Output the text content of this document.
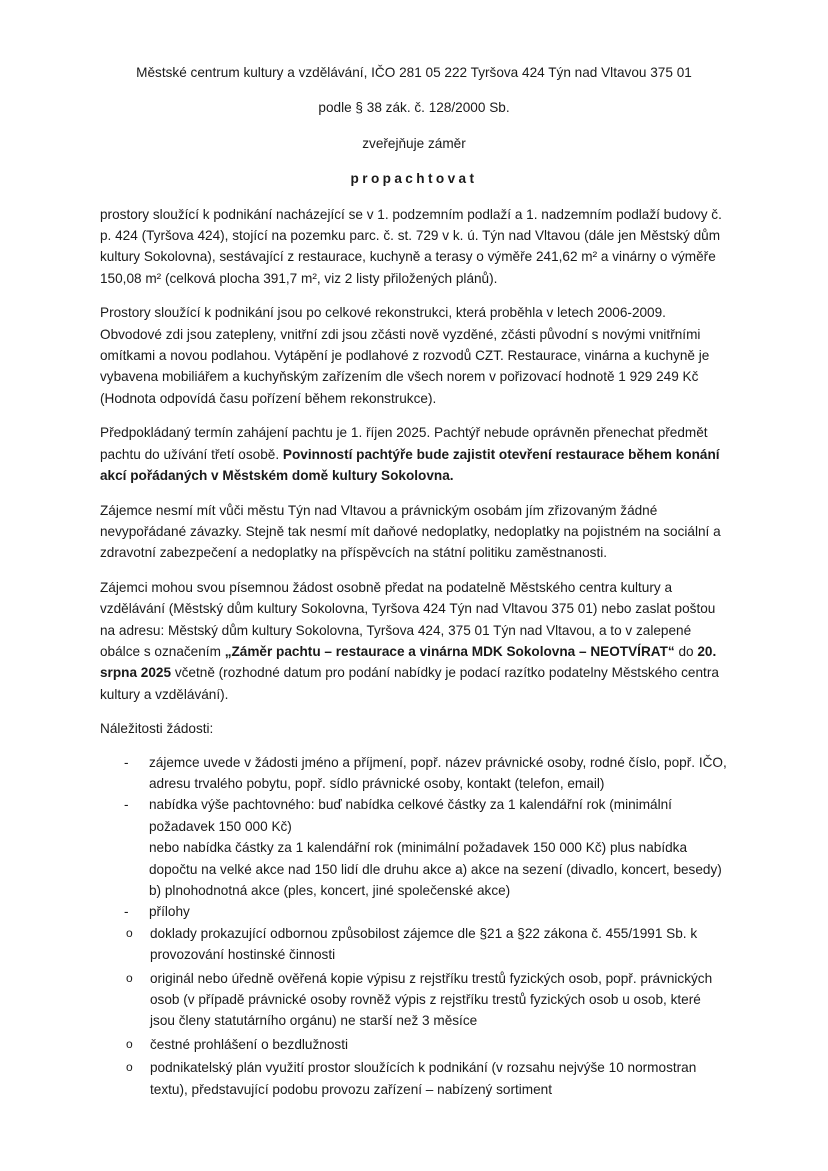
Městské centrum kultury a vzdělávání, IČO 281 05 222 Tyršova 424 Týn nad Vltavou 375 01
podle § 38 zák. č. 128/2000 Sb.
zveřejňuje záměr
propachtovat

prostory sloužící k podnikání nacházející se v 1. podzemním podlaží a 1. nadzemním podlaží budovy č. p. 424 (Tyršova 424), stojící na pozemku parc. č. st. 729 v k. ú. Týn nad Vltavou (dále jen Městský dům kultury Sokolovna), sestávající z restaurace, kuchyně a terasy o výměře 241,62 m² a vinárny o výměře 150,08 m² (celková plocha 391,7 m², viz 2 listy přiložených plánů).

Prostory sloužící k podnikání jsou po celkové rekonstrukci, která proběhla v letech 2006-2009. Obvodové zdi jsou zatepleny, vnitřní zdi jsou zčásti nově vyzděné, zčásti původní s novými vnitřními omítkami a novou podlahou. Vytápění je podlahové z rozvodů CZT. Restaurace, vinárna a kuchyně je vybavena mobiliářem a kuchyňským zařízením dle všech norem v pořizovací hodnotě 1 929 249 Kč (Hodnota odpovídá času pořízení během rekonstrukce).

Předpokládaný termín zahájení pachtu je 1. říjen 2025. Pachtýř nebude oprávněn přenechat předmět pachtu do užívání třetí osobě. Povinností pachtýře bude zajistit otevření restaurace během konání akcí pořádaných v Městském domě kultury Sokolovna.

Zájemce nesmí mít vůči městu Týn nad Vltavou a právnickým osobám jím zřizovaným žádné nevypořádané závazky. Stejně tak nesmí mít daňové nedoplatky, nedoplatky na pojistném na sociální a zdravotní zabezpečení a nedoplatky na příspěvcích na státní politiku zaměstnanosti.

Zájemci mohou svou písemnou žádost osobně předat na podatelně Městského centra kultury a vzdělávání (Městský dům kultury Sokolovna, Tyršova 424 Týn nad Vltavou 375 01) nebo zaslat poštou na adresu: Městský dům kultury Sokolovna, Tyršova 424, 375 01 Týn nad Vltavou, a to v zalepené obálce s označením „Záměr pachtu – restaurace a vinárna MDK Sokolovna – NEOTVÍRAT“ do 20. srpna 2025 včetně (rozhodné datum pro podání nabídky je podací razítko podatelny Městského centra kultury a vzdělávání).

Náležitosti žádosti:
- zájemce uvede v žádosti jméno a příjmení, popř. název právnické osoby, rodné číslo, popř. IČO, adresu trvalého pobytu, popř. sídlo právnické osoby, kontakt (telefon, email)
- nabídka výše pachtovného: buď nabídka celkové částky za 1 kalendářní rok (minimální požadavek 150 000 Kč)
nebo nabídka částky za 1 kalendářní rok (minimální požadavek 150 000 Kč) plus nabídka dopočtu na velké akce nad 150 lidí dle druhu akce a) akce na sezení (divadlo, koncert, besedy) b) plnohodnotná akce (ples, koncert, jiné společenské akce)
- přílohy
o doklady prokazující odbornou způsobilost zájemce dle §21 a §22 zákona č. 455/1991 Sb. k provozování hostinské činnosti
o originál nebo úředně ověřená kopie výpisu z rejstříku trestů fyzických osob, popř. právnických osob (v případě právnické osoby rovněž výpis z rejstříku trestů fyzických osob u osob, které jsou členy statutárního orgánu) ne starší než 3 měsíce
o čestné prohlášení o bezdlužnosti
o podnikatelský plán využití prostor sloužících k podnikání (v rozsahu nejvýše 10 normostran textu), představující podobu provozu zařízení – nabízený sortiment
